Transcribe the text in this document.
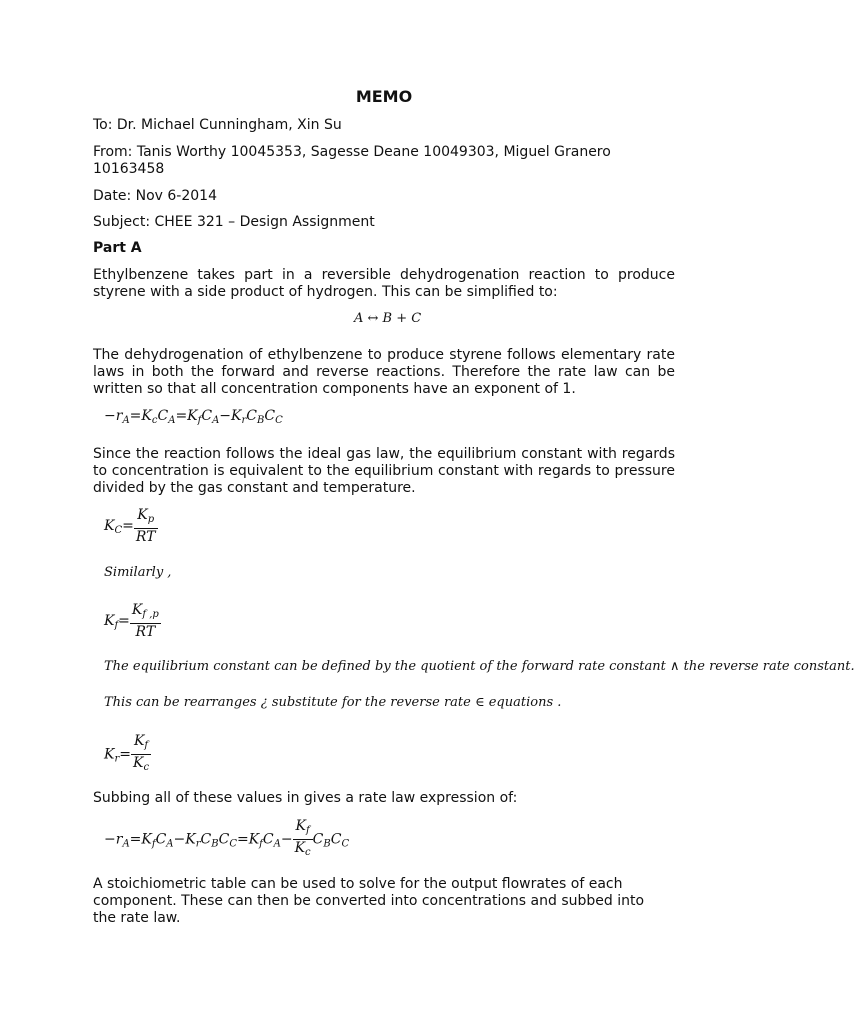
MEMO
To: Dr. Michael Cunningham, Xin Su
From: Tanis Worthy 10045353, Sagesse Deane 10049303, Miguel Granero
10163458
Date: Nov 6-2014
Subject: CHEE 321 – Design Assignment
Part A
Ethylbenzene takes part in a reversible dehydrogenation reaction to produce styrene with a side product of hydrogen. This can be simplified to:
A ↔ B + C
The dehydrogenation of ethylbenzene to produce styrene follows elementary rate laws in both the forward and reverse reactions. Therefore the rate law can be written so that all concentration components have an exponent of 1.
$-r_A=K_cC_A=K_fC_A-K_rC_BC_C$
Since the reaction follows the ideal gas law, the equilibrium constant with regards to concentration is equivalent to the equilibrium constant with regards to pressure divided by the gas constant and temperature.
$K_C= \frac{K_p}{RT}$
Similarly ,
$K_f= \frac{K_{f ,p}}{RT}$
The equilibrium constant can be defined by the quotient of the forward rate constant ∧ the reverse rate constant.
This can be rearranges ¿ substitute for the reverse rate ∈ equations .
$K_r= \frac{K_f}{K_c}$
Subbing all of these values in gives a rate law expression of:
$-r_A=K_fC_A-K_rC_BC_C=K_fC_A- \frac{K_f}{K_c} C_BC_C$
A stoichiometric table can be used to solve for the output flowrates of each component. These can then be converted into concentrations and subbed into the rate law.
